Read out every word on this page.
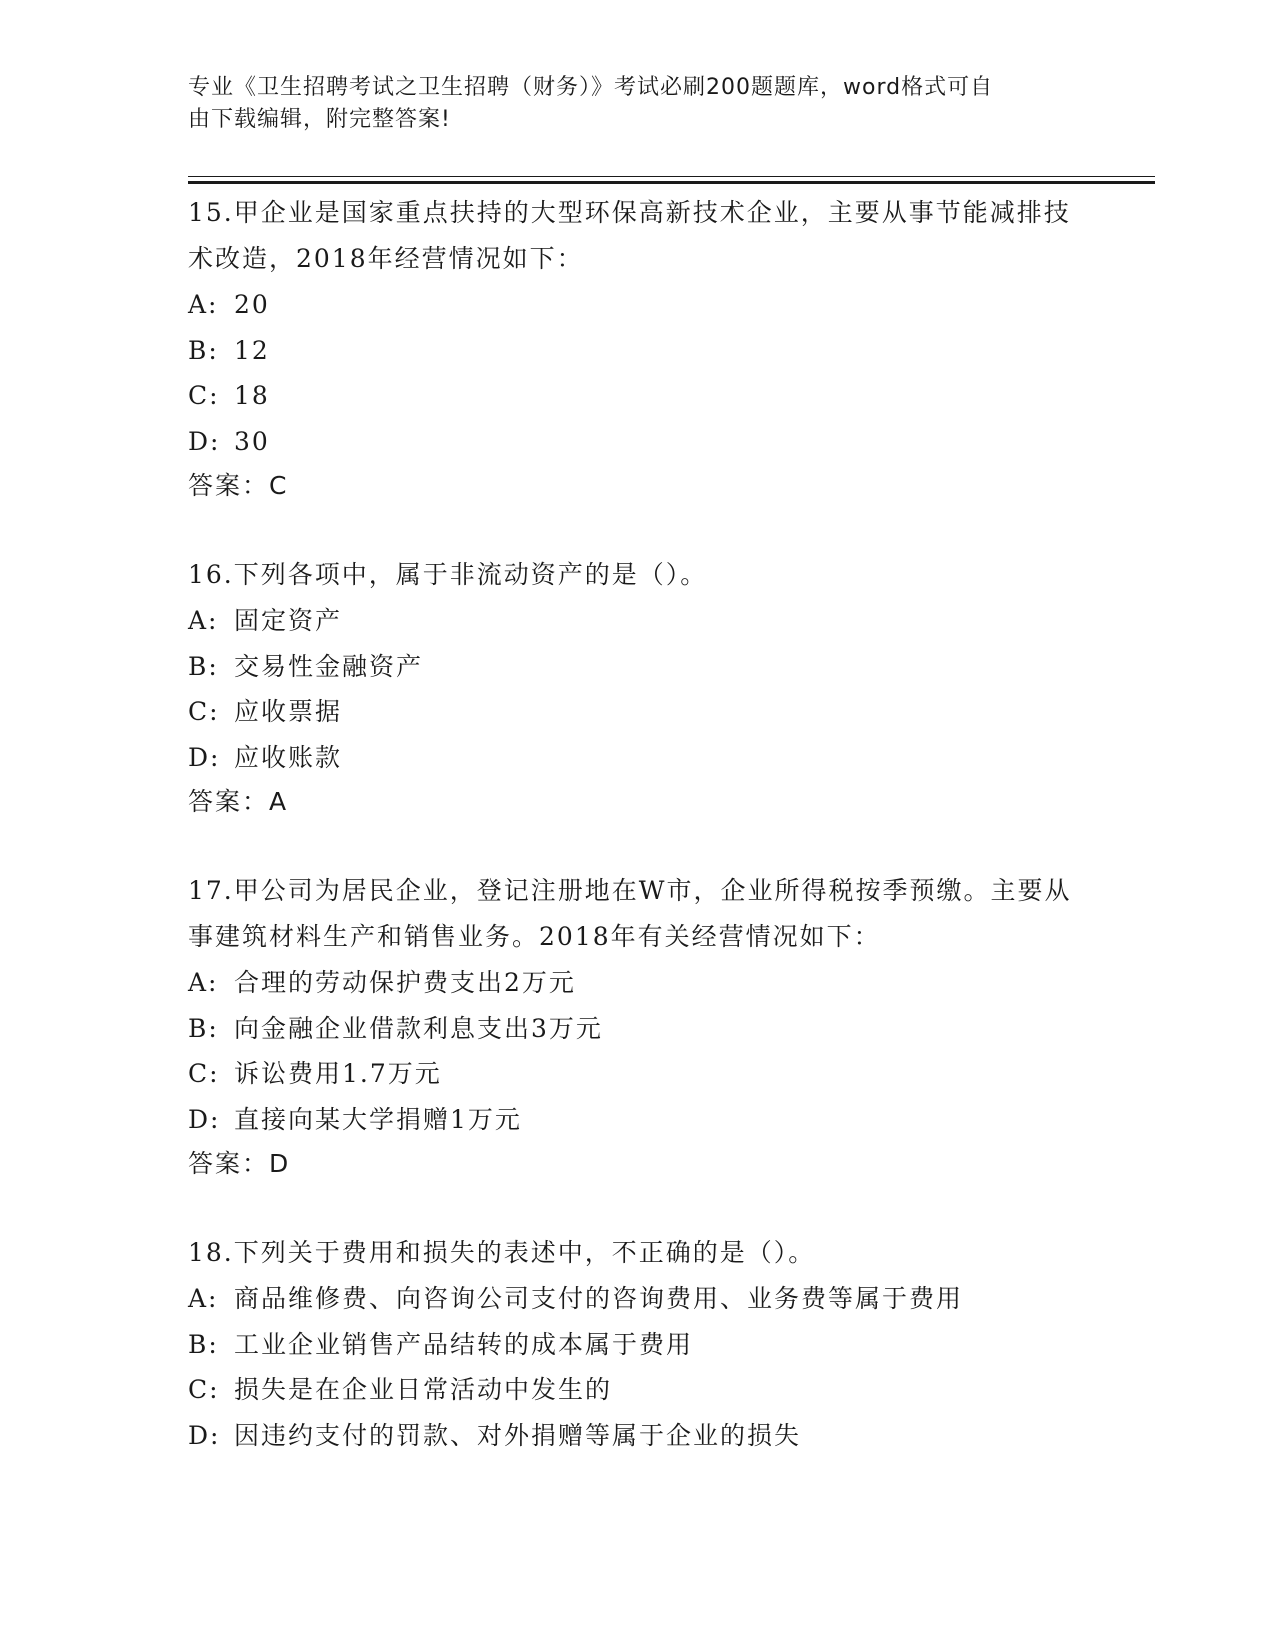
专业《卫生招聘考试之卫生招聘（财务）》考试必刷200题题库，word格式可自
由下载编辑，附完整答案!

15.甲企业是国家重点扶持的大型环保高新技术企业，主要从事节能减排技术改造，2018年经营情况如下：

A: 20
B: 12
C: 18
D: 30
答案：C

16.下列各项中，属于非流动资产的是（）。

A: 固定资产
B: 交易性金融资产
C: 应收票据
D: 应收账款
答案：A

17.甲公司为居民企业，登记注册地在W市，企业所得税按季预缴。主要从事建筑材料生产和销售业务。2018年有关经营情况如下：

A: 合理的劳动保护费支出2万元
B: 向金融企业借款利息支出3万元
C: 诉讼费用1.7万元
D: 直接向某大学捐赠1万元
答案：D

18.下列关于费用和损失的表述中，不正确的是（）。

A: 商品维修费、向咨询公司支付的咨询费用、业务费等属于费用
B: 工业企业销售产品结转的成本属于费用
C: 损失是在企业日常活动中发生的
D: 因违约支付的罚款、对外捐赠等属于企业的损失
